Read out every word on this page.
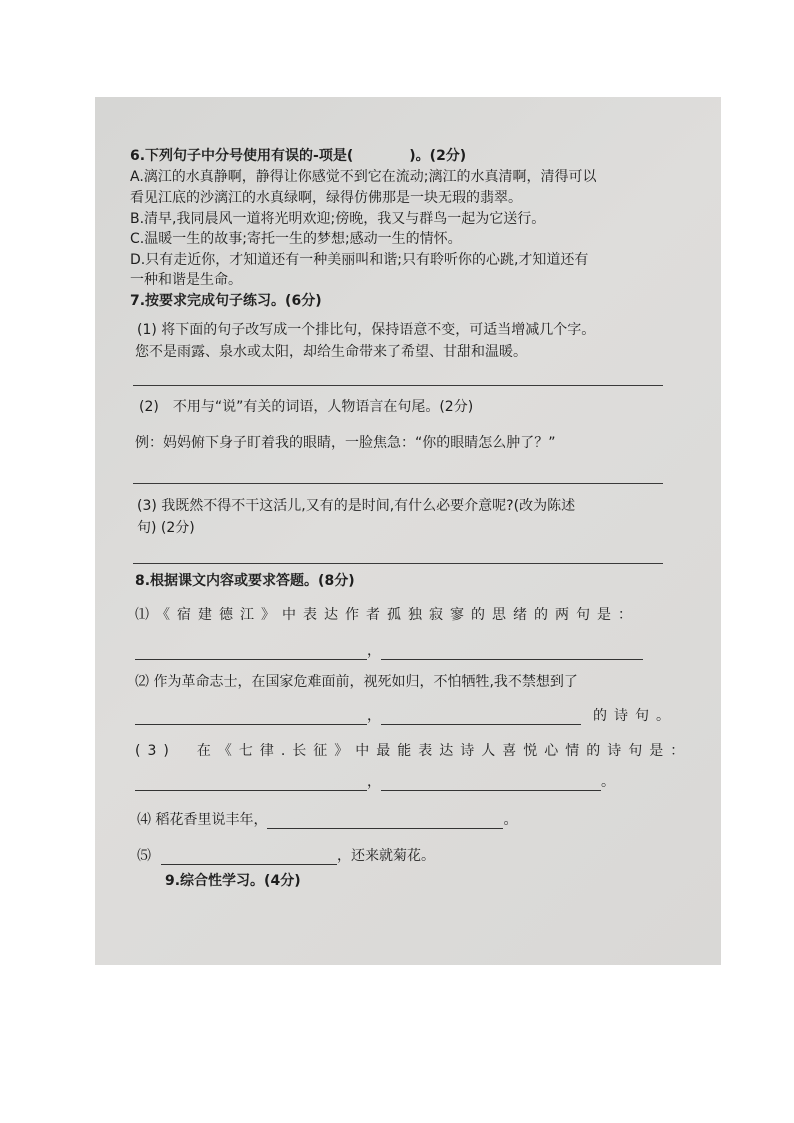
6.下列句子中分号使用有误的-项是(　　　　)。(2分)
A.漓江的水真静啊，静得让你感觉不到它在流动;漓江的水真清啊，清得可以
看见江底的沙漓江的水真绿啊，绿得仿佛那是一块无瑕的翡翠。
B.清早,我同晨风一道将光明欢迎;傍晚，我又与群鸟一起为它送行。
C.温暖一生的故事;寄托一生的梦想;感动一生的情怀。
D.只有走近你，才知道还有一种美丽叫和谐;只有聆听你的心跳,才知道还有
一种和谐是生命。
7.按要求完成句子练习。(6分)
(1) 将下面的句子改写成一个排比句，保持语意不变，可适当增减几个字。
您不是雨露、泉水或太阳，却给生命带来了希望、甘甜和温暖。
(2)　不用与“说”有关的词语，人物语言在句尾。(2分)
例：妈妈俯下身子盯着我的眼睛，一脸焦急：“你的眼睛怎么肿了？”
(3) 我既然不得不干这活儿,又有的是时间,有什么必要介意呢?(改为陈述
句) (2分)
8.根据课文内容或要求答题。(8分)
⑴《宿建德江》中表达作者孤独寂寥的思绪的两句是：
，
⑵ 作为革命志士，在国家危难面前，视死如归，不怕牺牲,我不禁想到了
，	的诗句。
(3)　在《七律.长征》中最能表达诗人喜悦心情的诗句是：
，	。
⑷ 稻花香里说丰年，	。
⑸	，还来就菊花。
9.综合性学习。(4分)
